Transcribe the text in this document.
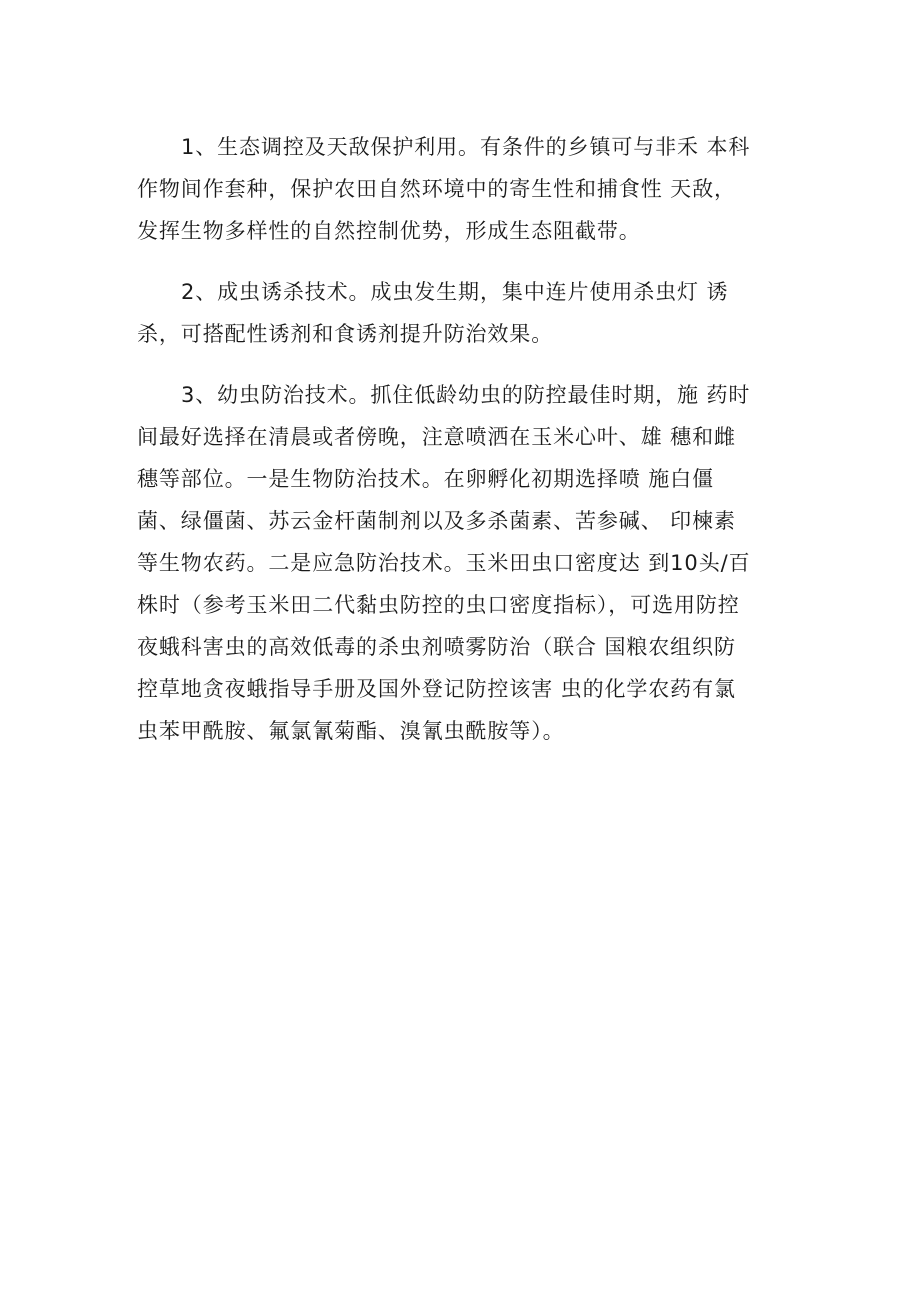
1、生态调控及天敌保护利用。有条件的乡镇可与非禾 本科
作物间作套种，保护农田自然环境中的寄生性和捕食性 天敌，
发挥生物多样性的自然控制优势，形成生态阻截带。
2、成虫诱杀技术。成虫发生期，集中连片使用杀虫灯 诱
杀，可搭配性诱剂和食诱剂提升防治效果。
3、幼虫防治技术。抓住低龄幼虫的防控最佳时期，施 药时
间最好选择在清晨或者傍晚，注意喷洒在玉米心叶、雄 穗和雌
穗等部位。一是生物防治技术。在卵孵化初期选择喷 施白僵
菌、绿僵菌、苏云金杆菌制剂以及多杀菌素、苦参碱、 印楝素
等生物农药。二是应急防治技术。玉米田虫口密度达 到10头/百
株时（参考玉米田二代黏虫防控的虫口密度指标），可选用防控
夜蛾科害虫的高效低毒的杀虫剂喷雾防治（联合 国粮农组织防
控草地贪夜蛾指导手册及国外登记防控该害 虫的化学农药有氯
虫苯甲酰胺、氟氯氰菊酯、溴氰虫酰胺等）。
